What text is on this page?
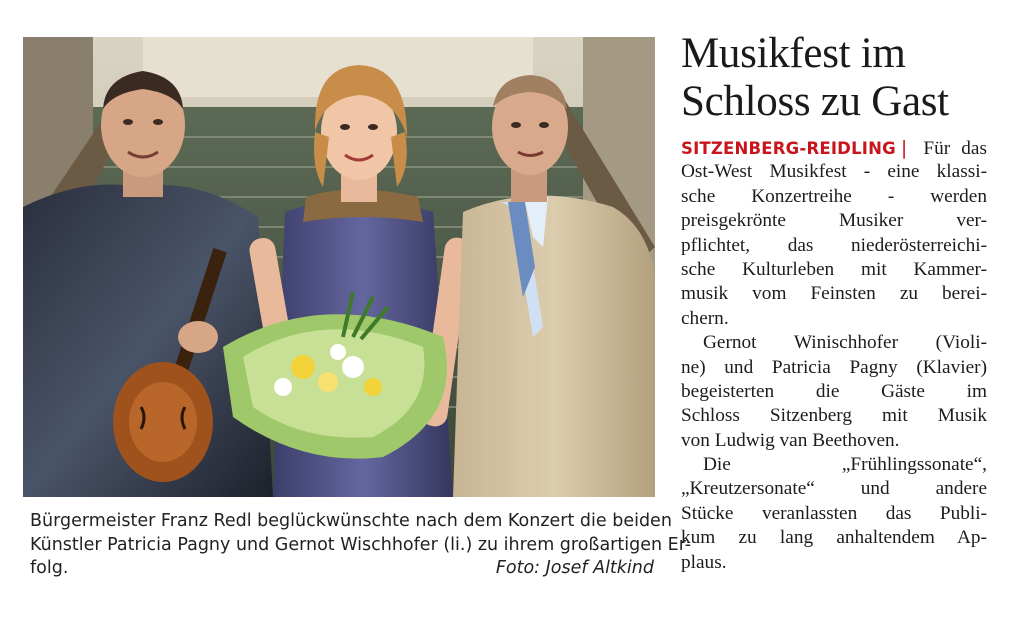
Bürgermeister Franz Redl beglückwünschte nach dem Konzert die beiden
Künstler Patricia Pagny und Gernot Wischhofer (li.) zu ihrem großartigen Er-
folg.	Foto: Josef Altkind
Musikfest im
Schloss zu Gast
SITZENBERG-REIDLING | Für das
Ost-West Musikfest - eine klassi-
sche Konzertreihe - werden
preisgekrönte Musiker ver-
pflichtet, das niederösterreichi-
sche Kulturleben mit Kammer-
musik vom Feinsten zu berei-
chern.
Gernot Winischhofer (Violi-
ne) und Patricia Pagny (Klavier)
begeisterten die Gäste im
Schloss Sitzenberg mit Musik
von Ludwig van Beethoven.
Die „Frühlingssonate“,
„Kreutzersonate“ und andere
Stücke veranlassten das Publi-
kum zu lang anhaltendem Ap-
plaus.
